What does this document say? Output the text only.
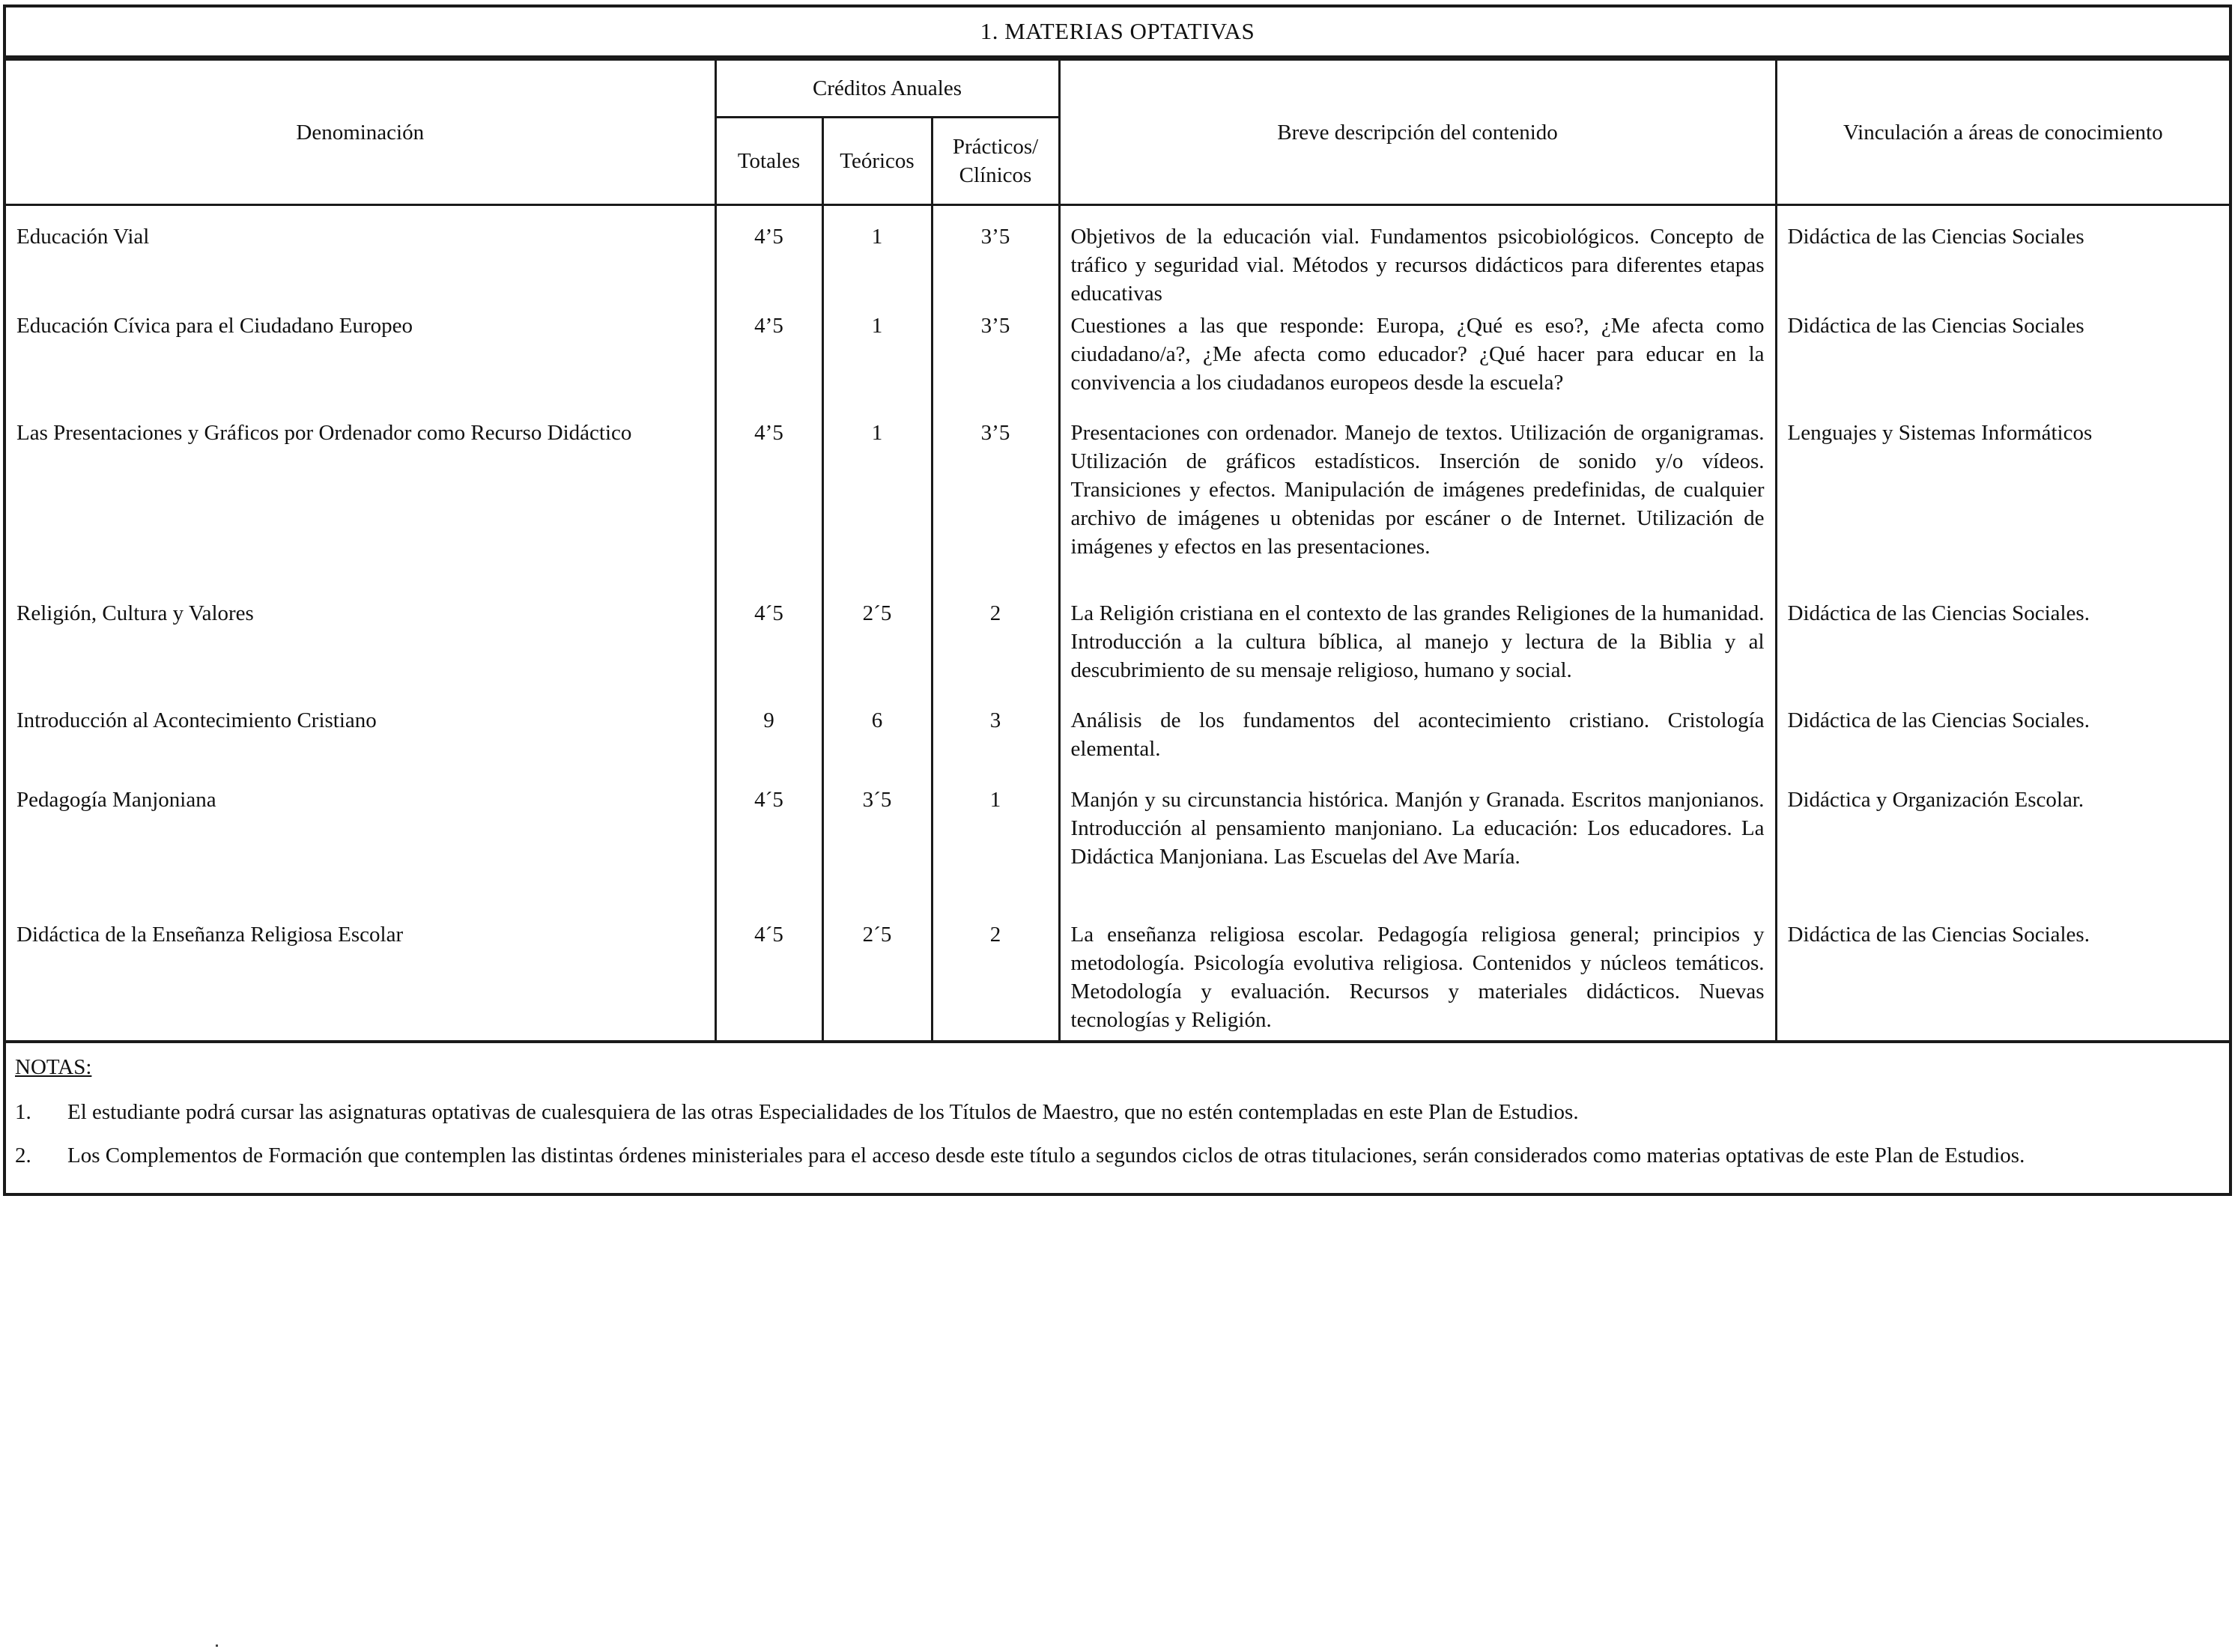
1. MATERIAS OPTATIVAS
Denominación	Créditos Anuales			Breve descripción del contenido	Vinculación a áreas de conocimiento
	Totales	Teóricos	Prácticos/
Clínicos		
Educación Vial	4’5	1	3’5	Objetivos de la educación vial. Fundamentos psicobiológicos. Concepto de tráfico y seguridad vial. Métodos y recursos didácticos para diferentes etapas educativas	Didáctica de las Ciencias Sociales
Educación Cívica para el Ciudadano Europeo	4’5	1	3’5	Cuestiones a las que responde: Europa, ¿Qué es eso?, ¿Me afecta como ciudadano/a?, ¿Me afecta como educador? ¿Qué hacer para educar en la convivencia a los ciudadanos europeos desde la escuela?	Didáctica de las Ciencias Sociales
Las Presentaciones y Gráficos por Ordenador como Recurso Didáctico	4’5	1	3’5	Presentaciones con ordenador. Manejo de textos. Utilización de organigramas. Utilización de gráficos estadísticos. Inserción de sonido y/o vídeos. Transiciones y efectos. Manipulación de imágenes predefinidas, de cualquier archivo de imágenes u obtenidas por escáner o de Internet. Utilización de imágenes y efectos en las presentaciones.	Lenguajes y Sistemas Informáticos
Religión, Cultura y Valores	4´5	2´5	2	La Religión cristiana en el contexto de las grandes Religiones de la humanidad. Introducción a la cultura bíblica, al manejo y lectura de la Biblia y al descubrimiento de su mensaje religioso, humano y social.	Didáctica de las Ciencias Sociales.
Introducción al Acontecimiento Cristiano	9	6	3	Análisis de los fundamentos del acontecimiento cristiano. Cristología elemental.	Didáctica de las Ciencias Sociales.
Pedagogía Manjoniana	4´5	3´5	1	Manjón y su circunstancia histórica. Manjón y Granada. Escritos manjonianos. Introducción al pensamiento manjoniano. La educación: Los educadores. La Didáctica Manjoniana. Las Escuelas del Ave María.	Didáctica y Organización Escolar.
Didáctica de la Enseñanza Religiosa Escolar	4´5	2´5	2	La enseñanza religiosa escolar. Pedagogía religiosa general; principios y metodología. Psicología evolutiva religiosa. Contenidos y núcleos temáticos. Metodología y evaluación. Recursos y materiales didácticos. Nuevas tecnologías y Religión.	Didáctica de las Ciencias Sociales.
NOTAS:
1.	El estudiante podrá cursar las asignaturas optativas de cualesquiera de las otras Especialidades de los Títulos de Maestro, que no estén contempladas en este Plan de Estudios.
2.	Los Complementos de Formación que contemplen las distintas órdenes ministeriales para el acceso desde este título a segundos ciclos de otras titulaciones, serán considerados como materias optativas de este Plan de Estudios.
